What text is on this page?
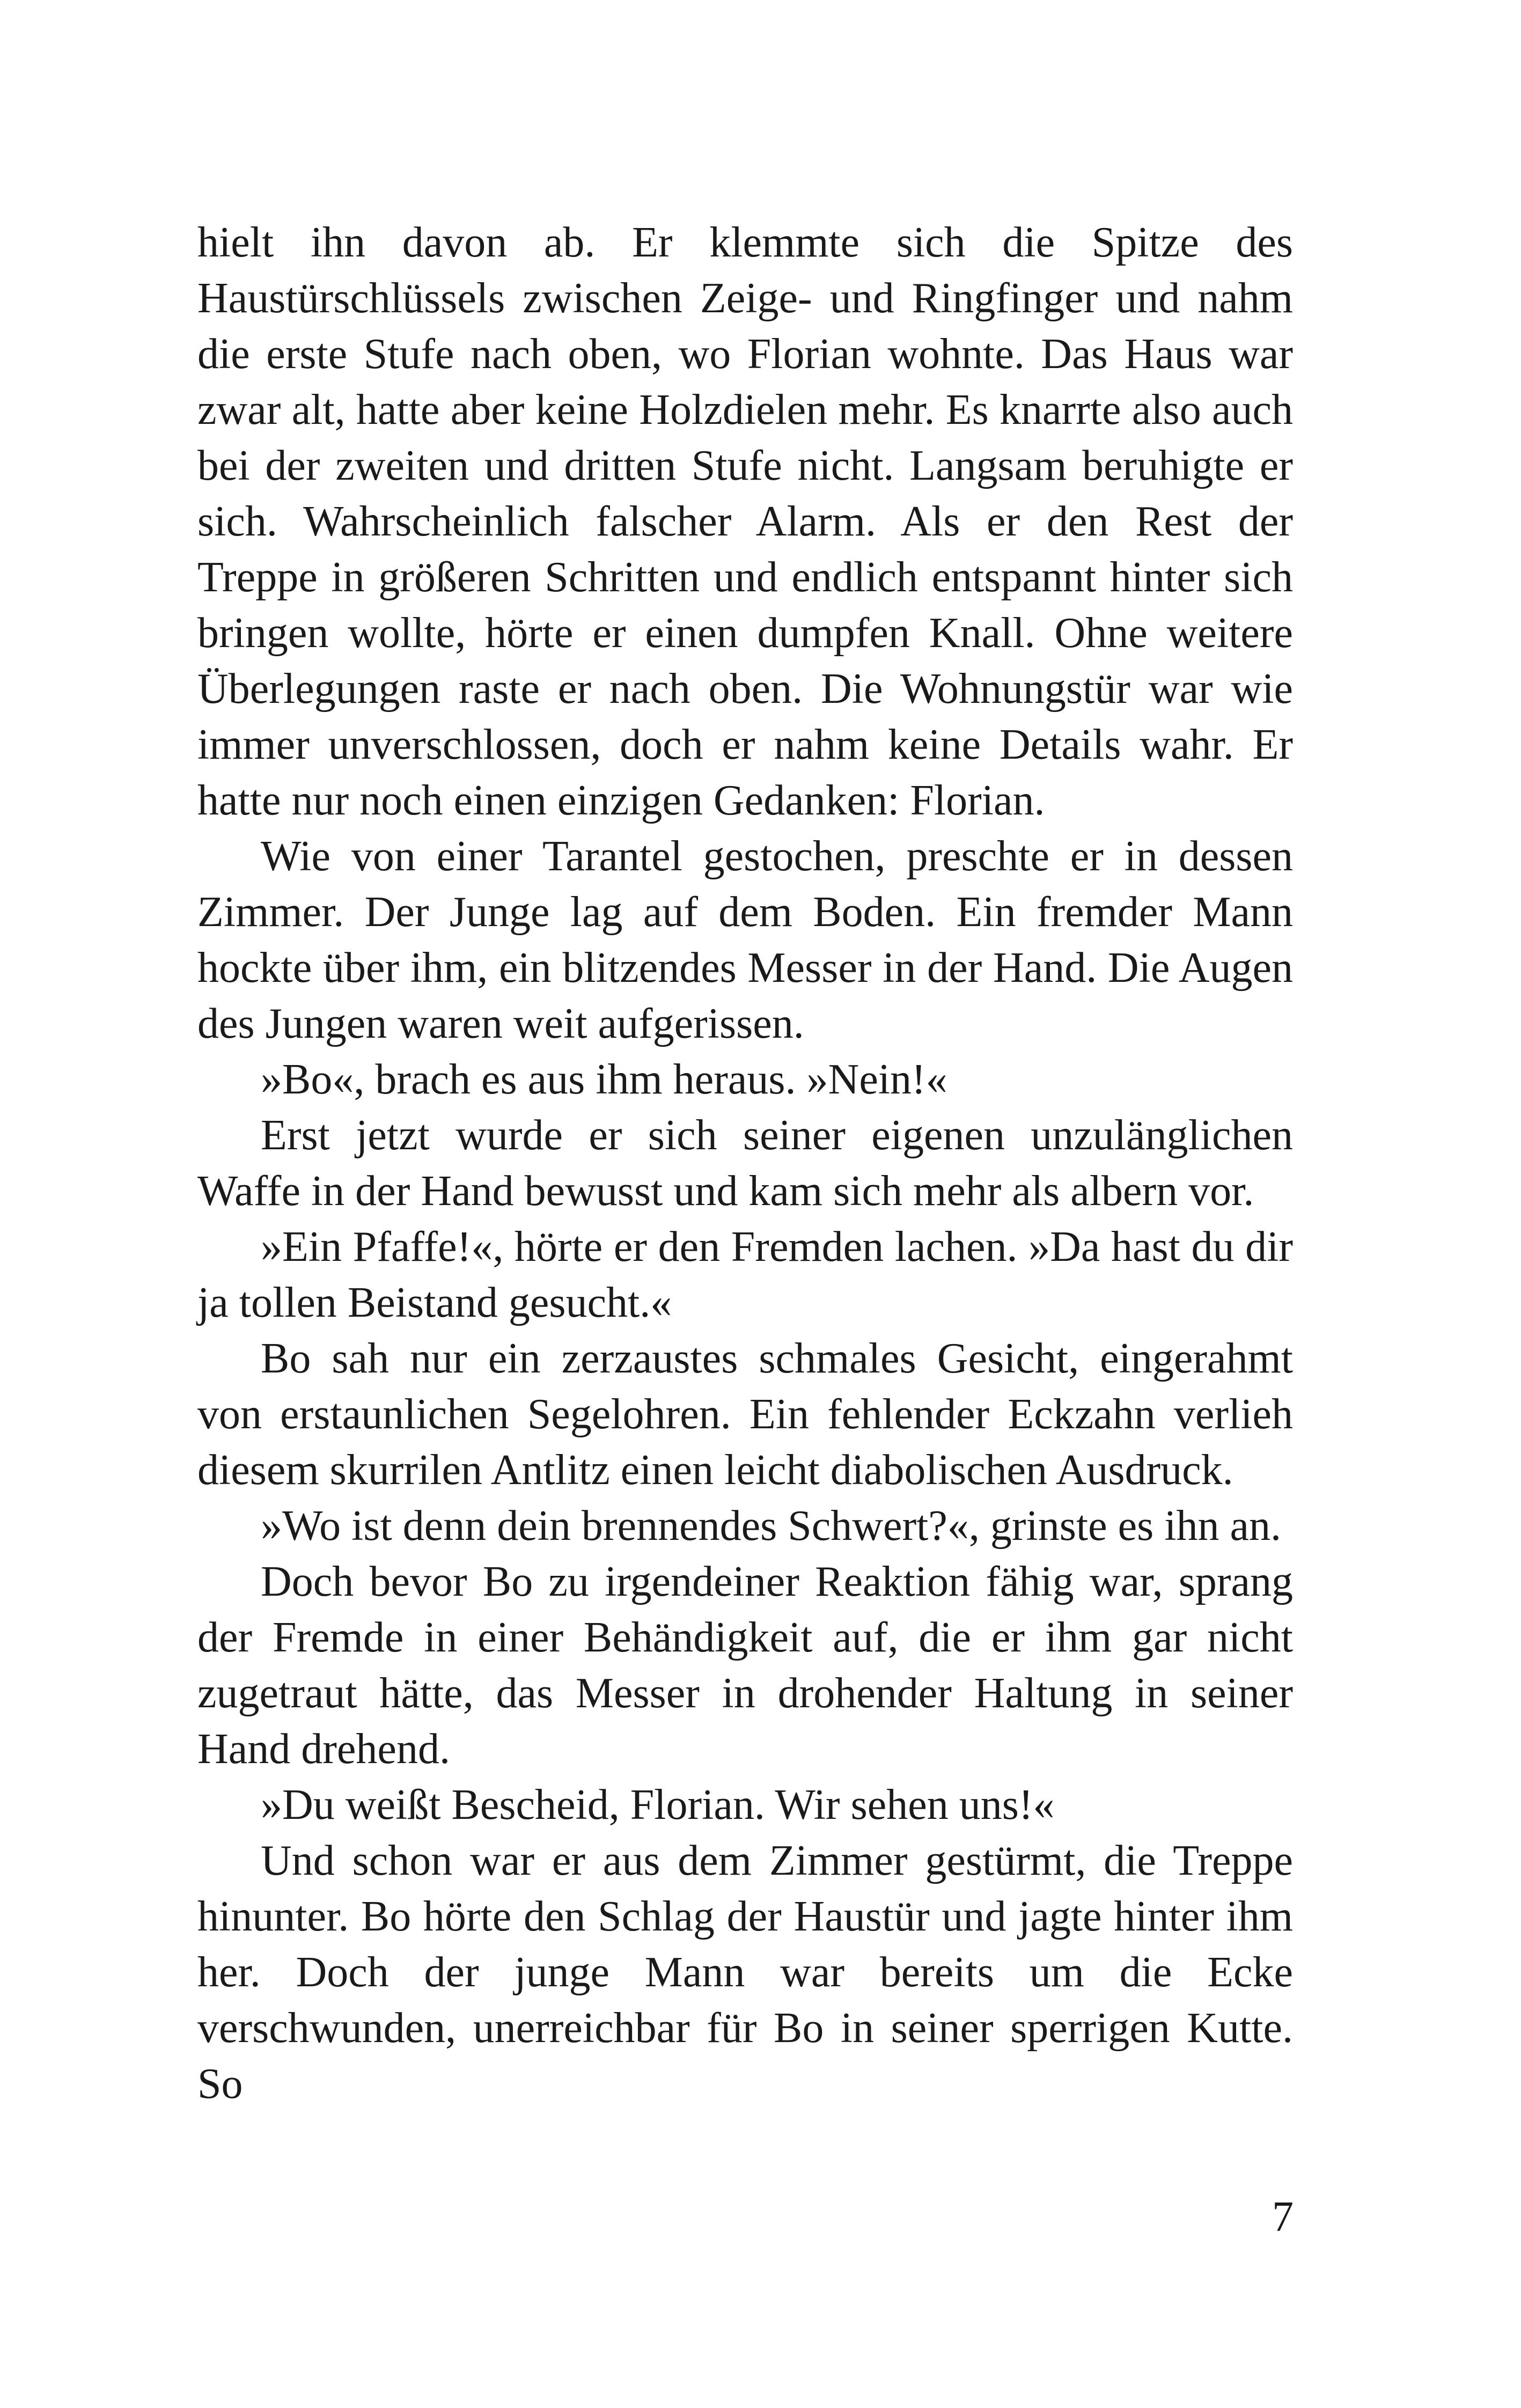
hielt ihn davon ab. Er klemmte sich die Spitze des Haustürschlüssels zwischen Zeige- und Ringfinger und nahm die erste Stufe nach oben, wo Florian wohnte. Das Haus war zwar alt, hatte aber keine Holzdielen mehr. Es knarrte also auch bei der zweiten und dritten Stufe nicht. Langsam beruhigte er sich. Wahrscheinlich falscher Alarm. Als er den Rest der Treppe in größeren Schritten und endlich entspannt hinter sich bringen wollte, hörte er einen dumpfen Knall. Ohne weitere Überlegungen raste er nach oben. Die Wohnungstür war wie immer unverschlossen, doch er nahm keine Details wahr. Er hatte nur noch einen einzigen Gedanken: Florian.

Wie von einer Tarantel gestochen, preschte er in dessen Zimmer. Der Junge lag auf dem Boden. Ein fremder Mann hockte über ihm, ein blitzendes Messer in der Hand. Die Augen des Jungen waren weit aufgerissen.

»Bo«, brach es aus ihm heraus. »Nein!«

Erst jetzt wurde er sich seiner eigenen unzulänglichen Waffe in der Hand bewusst und kam sich mehr als albern vor.

»Ein Pfaffe!«, hörte er den Fremden lachen. »Da hast du dir ja tollen Beistand gesucht.«

Bo sah nur ein zerzaustes schmales Gesicht, eingerahmt von erstaunlichen Segelohren. Ein fehlender Eckzahn verlieh diesem skurrilen Antlitz einen leicht diabolischen Ausdruck.

»Wo ist denn dein brennendes Schwert?«, grinste es ihn an.

Doch bevor Bo zu irgendeiner Reaktion fähig war, sprang der Fremde in einer Behändigkeit auf, die er ihm gar nicht zugetraut hätte, das Messer in drohender Haltung in seiner Hand drehend.

»Du weißt Bescheid, Florian. Wir sehen uns!«

Und schon war er aus dem Zimmer gestürmt, die Treppe hinunter. Bo hörte den Schlag der Haustür und jagte hinter ihm her. Doch der junge Mann war bereits um die Ecke verschwunden, unerreichbar für Bo in seiner sperrigen Kutte. So

7
